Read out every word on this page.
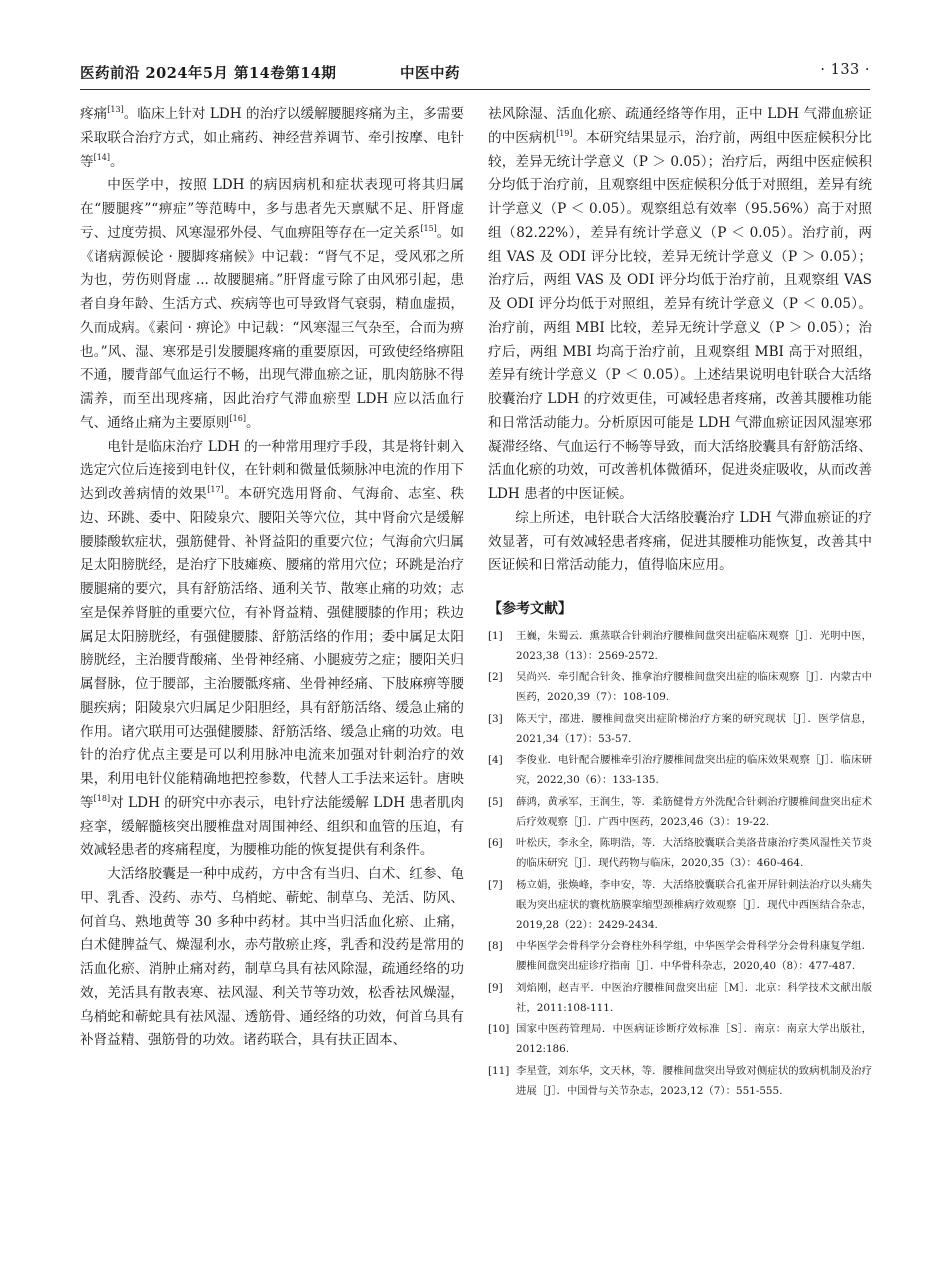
医药前沿 2024年5月 第14卷第14期	中医中药	· 133 ·

疼痛[13]。临床上针对 LDH 的治疗以缓解腰腿疼痛为主，多需要采取联合治疗方式，如止痛药、神经营养调节、牵引按摩、电针等[14]。

中医学中，按照 LDH 的病因病机和症状表现可将其归属在“腰腿疼”“痹症”等范畴中，多与患者先天禀赋不足、肝肾虚亏、过度劳损、风寒湿邪外侵、气血痹阻等存在一定关系[15]。如《诸病源候论 · 腰脚疼痛候》中记载：“肾气不足，受风邪之所为也，劳伤则肾虚 ... 故腰腿痛。”肝肾虚亏除了由风邪引起，患者自身年龄、生活方式、疾病等也可导致肾气衰弱，精血虚损，久而成病。《素问 · 痹论》中记载：“风寒湿三气杂至，合而为痹也。”风、湿、寒邪是引发腰腿疼痛的重要原因，可致使经络痹阻不通，腰背部气血运行不畅，出现气滞血瘀之证，肌肉筋脉不得濡养，而至出现疼痛，因此治疗气滞血瘀型 LDH 应以活血行气、通络止痛为主要原则[16]。

电针是临床治疗 LDH 的一种常用理疗手段，其是将针刺入选定穴位后连接到电针仪，在针刺和微量低频脉冲电流的作用下达到改善病情的效果[17]。本研究选用肾俞、气海俞、志室、秩边、环跳、委中、阳陵泉穴、腰阳关等穴位，其中肾俞穴是缓解腰膝酸软症状，强筋健骨、补肾益阳的重要穴位；气海俞穴归属足太阳膀胱经，是治疗下肢瘫痪、腰痛的常用穴位；环跳是治疗腰腿痛的要穴，具有舒筋活络、通利关节、散寒止痛的功效；志室是保养肾脏的重要穴位，有补肾益精、强健腰膝的作用；秩边属足太阳膀胱经，有强健腰膝、舒筋活络的作用；委中属足太阳膀胱经，主治腰背酸痛、坐骨神经痛、小腿疲劳之症；腰阳关归属督脉，位于腰部，主治腰骶疼痛、坐骨神经痛、下肢麻痹等腰腿疾病；阳陵泉穴归属足少阳胆经，具有舒筋活络、缓急止痛的作用。诸穴联用可达强健腰膝、舒筋活络、缓急止痛的功效。电针的治疗优点主要是可以利用脉冲电流来加强对针刺治疗的效果，利用电针仪能精确地把控参数，代替人工手法来运针。唐映等[18]对 LDH 的研究中亦表示，电针疗法能缓解 LDH 患者肌肉痉挛，缓解髓核突出腰椎盘对周围神经、组织和血管的压迫，有效减轻患者的疼痛程度，为腰椎功能的恢复提供有利条件。

大活络胶囊是一种中成药，方中含有当归、白术、红参、龟甲、乳香、没药、赤芍、乌梢蛇、蕲蛇、制草乌、羌活、防风、何首乌、熟地黄等 30 多种中药材。其中当归活血化瘀、止痛，白术健脾益气、燥湿利水，赤芍散瘀止疼，乳香和没药是常用的活血化瘀、消肿止痛对药，制草乌具有祛风除湿，疏通经络的功效，羌活具有散表寒、祛风湿、利关节等功效，松香祛风燥湿，乌梢蛇和蕲蛇具有祛风湿、透筋骨、通经络的功效，何首乌具有补肾益精、强筋骨的功效。诸药联合，具有扶正固本、

祛风除湿、活血化瘀、疏通经络等作用，正中 LDH 气滞血瘀证的中医病机[19]。本研究结果显示，治疗前，两组中医症候积分比较，差异无统计学意义（P ＞ 0.05）；治疗后，两组中医症候积分均低于治疗前，且观察组中医症候积分低于对照组，差异有统计学意义（P ＜ 0.05）。观察组总有效率（95.56%）高于对照组（82.22%），差异有统计学意义（P ＜ 0.05）。治疗前，两组 VAS 及 ODI 评分比较，差异无统计学意义（P ＞ 0.05）；治疗后，两组 VAS 及 ODI 评分均低于治疗前，且观察组 VAS 及 ODI 评分均低于对照组，差异有统计学意义（P ＜ 0.05）。治疗前，两组 MBI 比较，差异无统计学意义（P ＞ 0.05）；治疗后，两组 MBI 均高于治疗前，且观察组 MBI 高于对照组，差异有统计学意义（P ＜ 0.05）。上述结果说明电针联合大活络胶囊治疗 LDH 的疗效更佳，可减轻患者疼痛，改善其腰椎功能和日常活动能力。分析原因可能是 LDH 气滞血瘀证因风湿寒邪凝滞经络、气血运行不畅等导致，而大活络胶囊具有舒筋活络、活血化瘀的功效，可改善机体微循环，促进炎症吸收，从而改善 LDH 患者的中医证候。

综上所述，电针联合大活络胶囊治疗 LDH 气滞血瘀证的疗效显著，可有效减轻患者疼痛，促进其腰椎功能恢复，改善其中医证候和日常活动能力，值得临床应用。

【参考文献】
[1] 王巍，朱蜀云．熏蒸联合针刺治疗腰椎间盘突出症临床观察［J］．光明中医，2023,38（13）：2569-2572.
[2] 吴尚兴．牵引配合针灸、推拿治疗腰椎间盘突出症的临床观察［J］．内蒙古中医药，2020,39（7）：108-109.
[3] 陈天宁，邵进．腰椎间盘突出症阶梯治疗方案的研究现状［J］．医学信息，2021,34（17）：53-57.
[4] 李俊业．电针配合腰椎牵引治疗腰椎间盘突出症的临床效果观察［J］．临床研究，2022,30（6）：133-135.
[5] 薛鸿，黄承军，王润生，等．柔筋健骨方外洗配合针刺治疗腰椎间盘突出症术后疗效观察［J］．广西中医药，2023,46（3）：19-22.
[6] 叶松庆，李永全，陈明浩，等．大活络胶囊联合美洛昔康治疗类风湿性关节炎的临床研究［J］．现代药物与临床，2020,35（3）：460-464.
[7] 杨立娟，张焕峰，李申安，等．大活络胶囊联合孔雀开屏针刺法治疗以头痛失眠为突出症状的寰枕筋膜挛缩型颈椎病疗效观察［J］．现代中西医结合杂志，2019,28（22）：2429-2434.
[8] 中华医学会骨科学分会脊柱外科学组，中华医学会骨科学分会骨科康复学组．腰椎间盘突出症诊疗指南［J］．中华骨科杂志，2020,40（8）：477-487.
[9] 刘焰刚，赵吉平．中医治疗腰椎间盘突出症［M］．北京：科学技术文献出版社，2011:108-111.
[10] 国家中医药管理局．中医病证诊断疗效标准［S］．南京：南京大学出版社，2012:186.
[11] 李星萱，刘东华，文天林，等．腰椎间盘突出导致对侧症状的致病机制及治疗进展［J］．中国骨与关节杂志，2023,12（7）：551-555.
